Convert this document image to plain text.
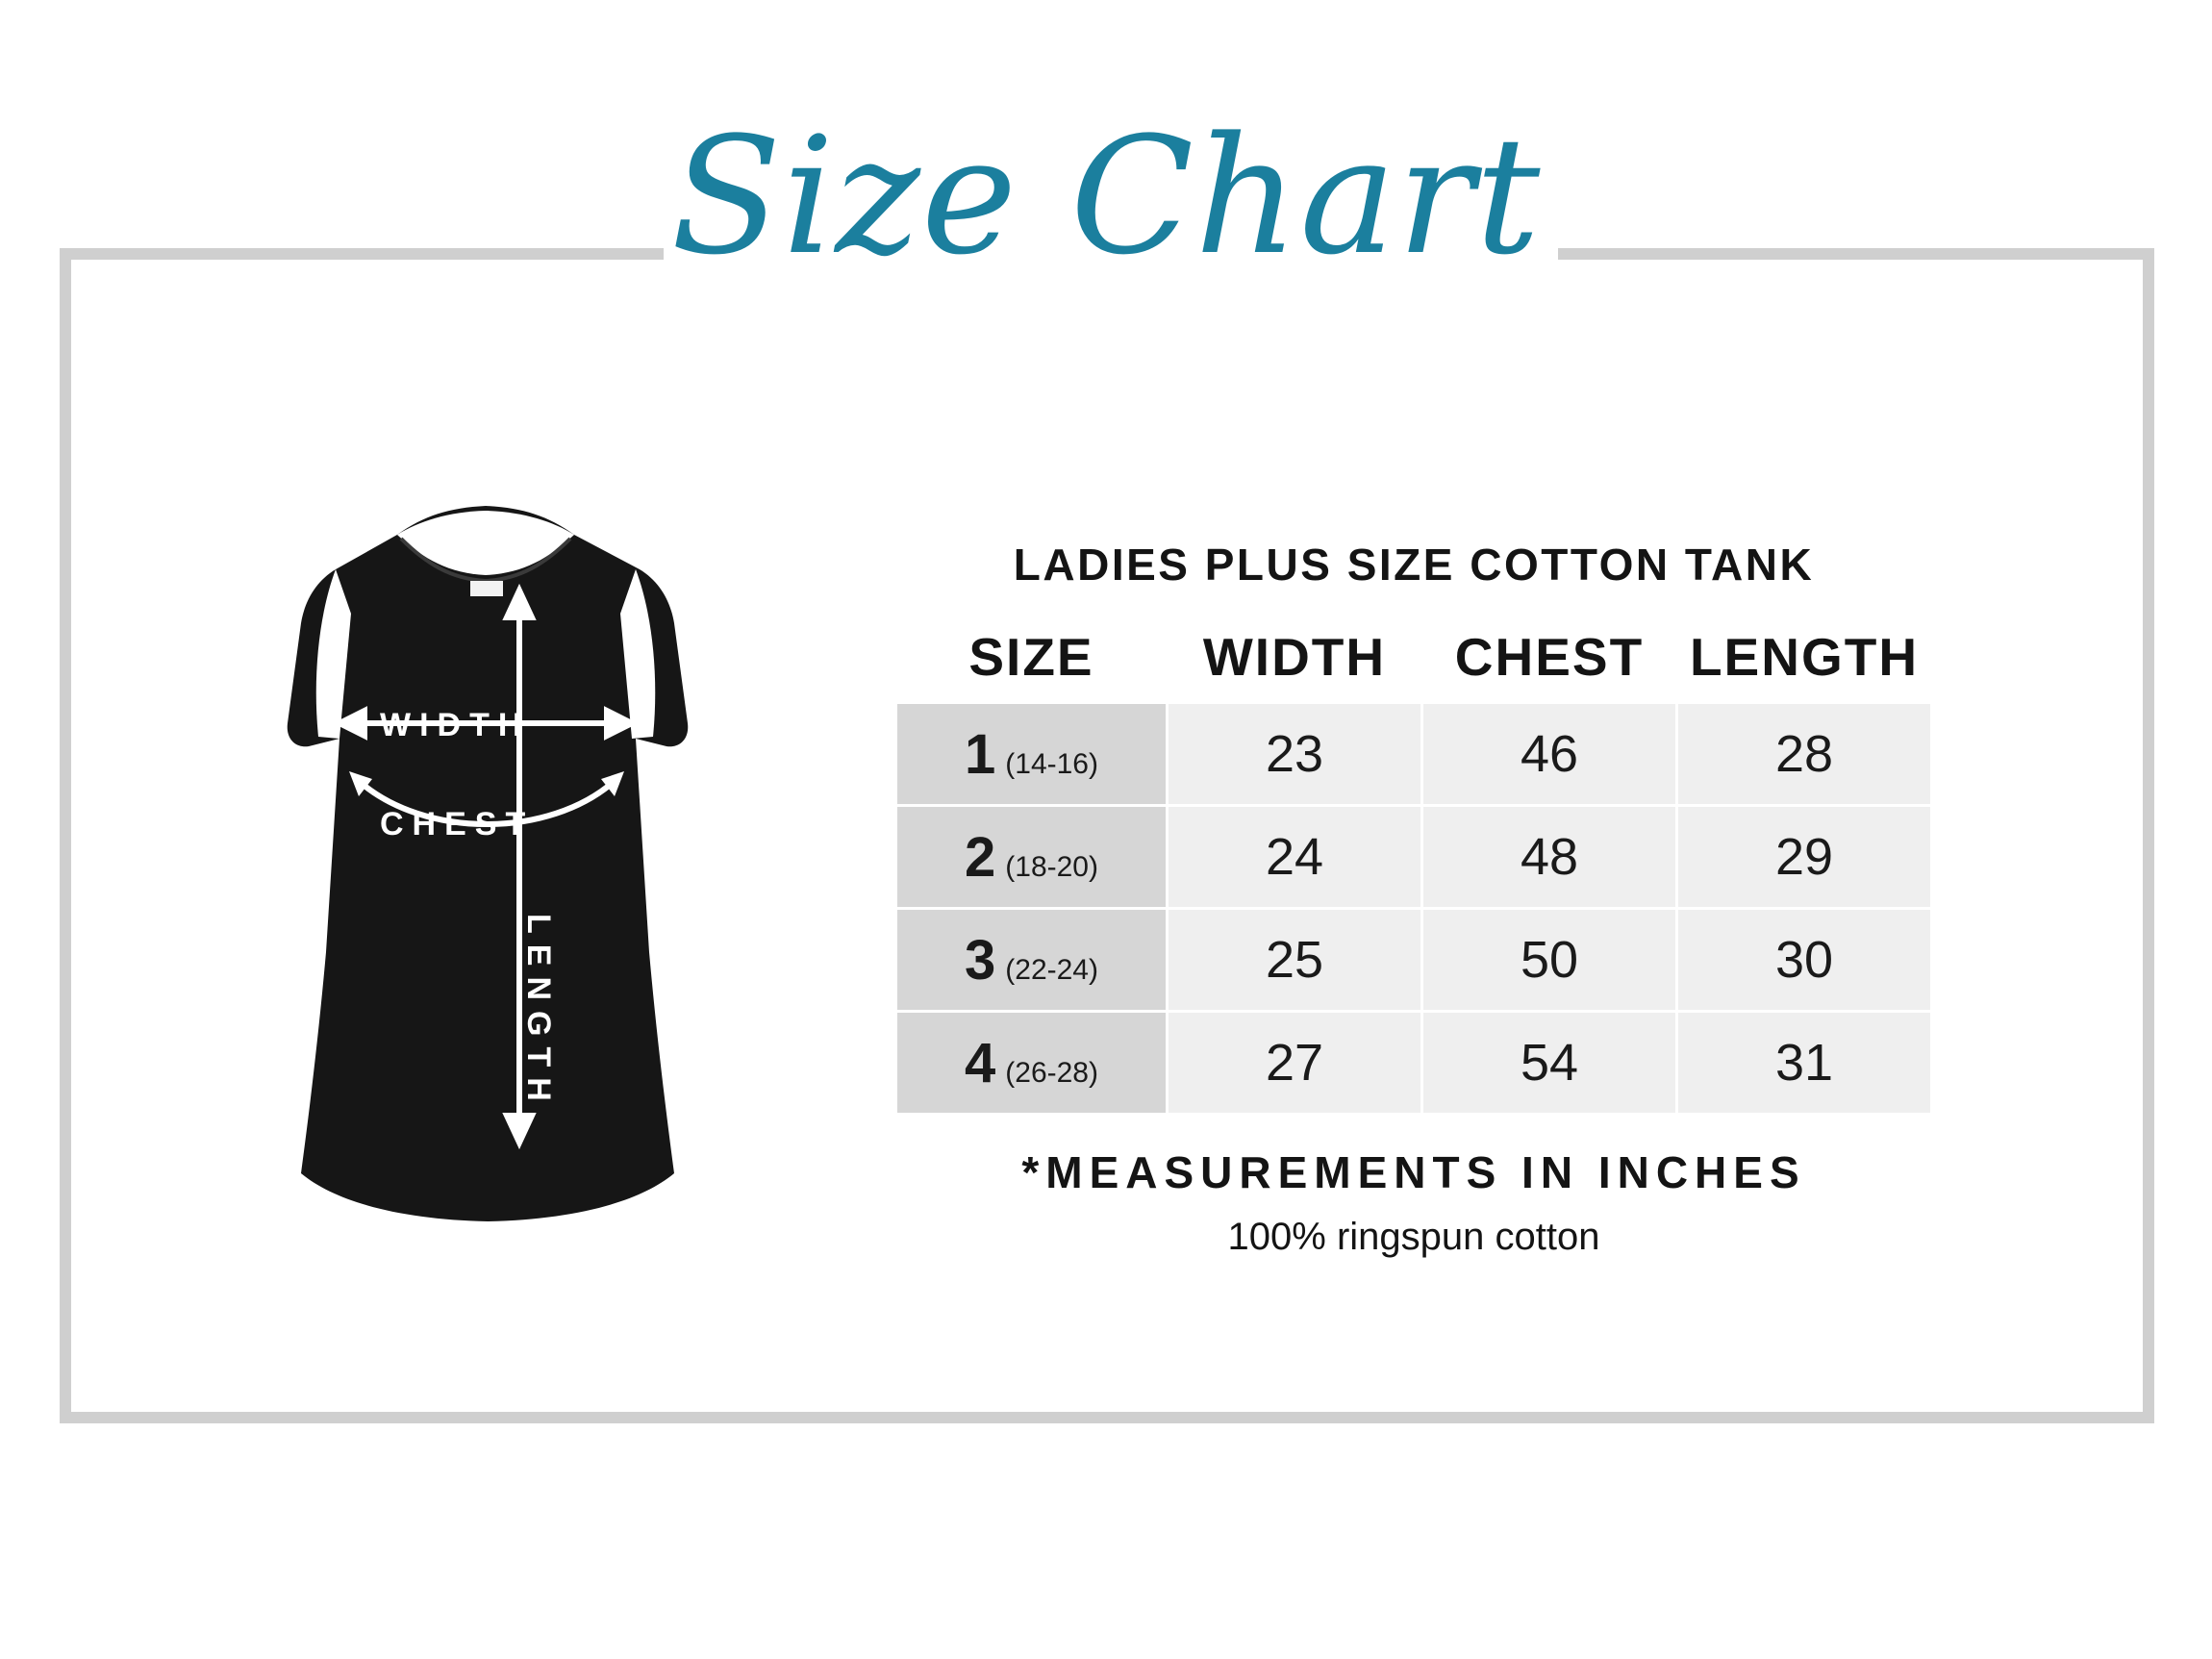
Size Chart
WIDTH
CHEST
LENGTH
LADIES PLUS SIZE COTTON TANK
SIZE	WIDTH	CHEST	LENGTH
1 (14-16)	23	46	28
2 (18-20)	24	48	29
3 (22-24)	25	50	30
4 (26-28)	27	54	31
*MEASUREMENTS IN INCHES
100% ringspun cotton
